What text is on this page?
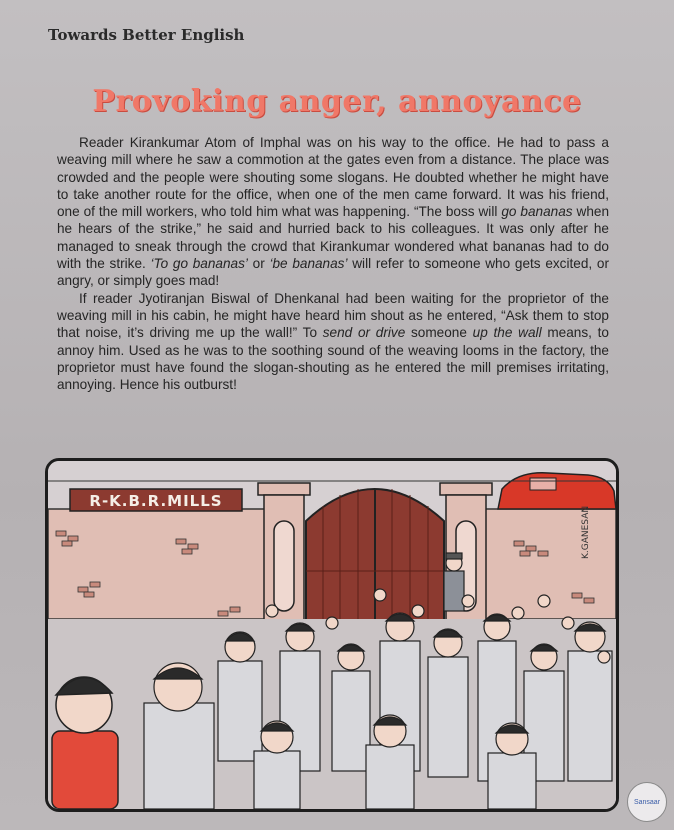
Towards Better English
Provoking anger, annoyance

Reader Kirankumar Atom of Imphal was on his way to the office. He had to pass a weaving mill where he saw a commotion at the gates even from a distance. The place was crowded and the people were shouting some slogans. He doubted whether he might have to take another route for the office, when one of the men came forward. It was his friend, one of the mill workers, who told him what was happening. “The boss will go bananas when he hears of the strike,” he said and hurried back to his colleagues. It was only after he managed to sneak through the crowd that Kirankumar wondered what bananas had to do with the strike. ‘To go bananas’ or ‘be bananas’ will refer to someone who gets excited, or angry, or simply goes mad!

If reader Jyotiranjan Biswal of Dhenkanal had been waiting for the proprietor of the weaving mill in his cabin, he might have heard him shout as he entered, “Ask them to stop that noise, it’s driving me up the wall!” To send or drive someone up the wall means, to annoy him. Used as he was to the soothing sound of the weaving looms in the factory, the proprietor must have found the slogan-shouting as he entered the mill premises irritating, annoying. Hence his outburst!

R-K.B.R.MILLS
K.GANESAN
Sansaar
